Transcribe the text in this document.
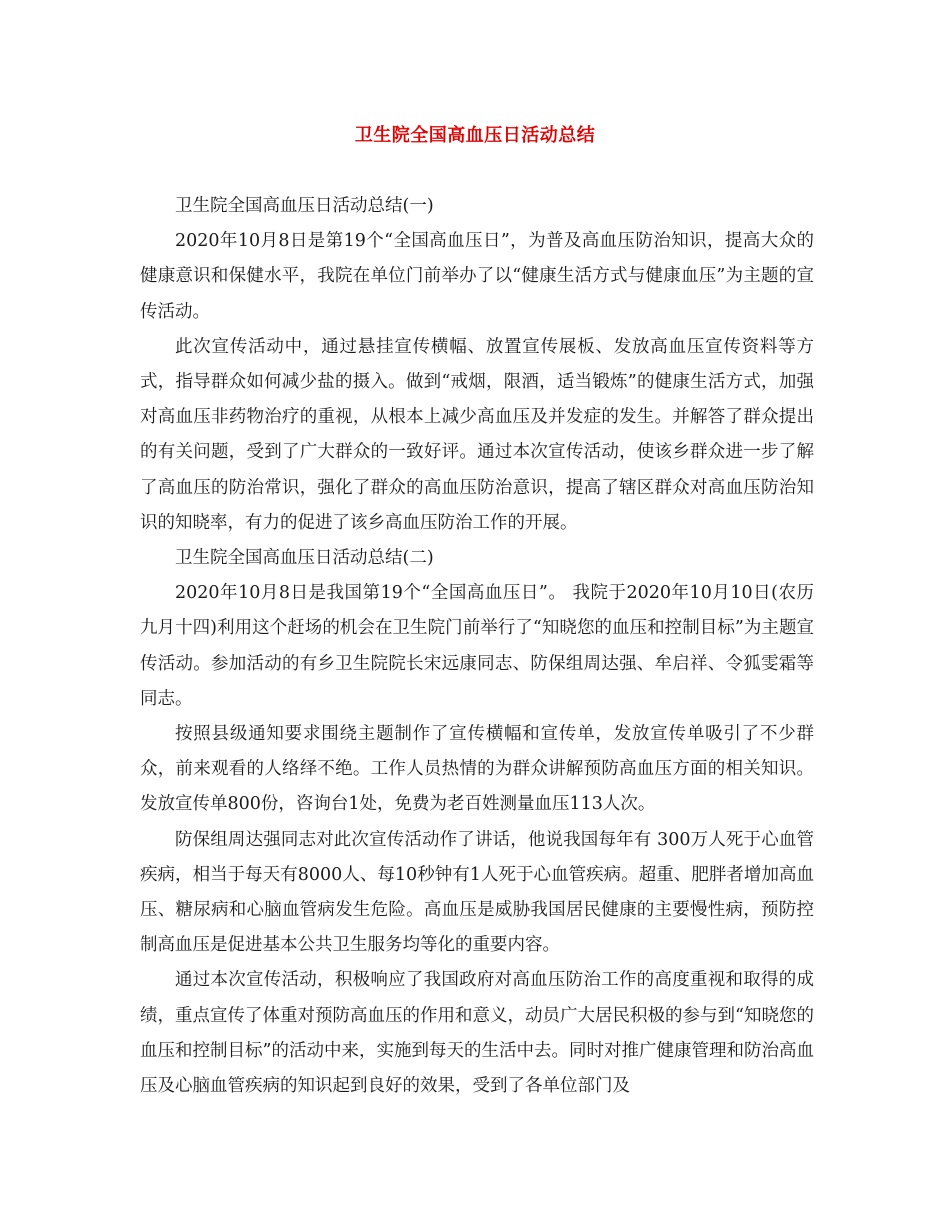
卫生院全国高血压日活动总结

卫生院全国高血压日活动总结(一)

2020年10月8日是第19个“全国高血压日”，为普及高血压防治知识，提高大众的健康意识和保健水平，我院在单位门前举办了以“健康生活方式与健康血压”为主题的宣传活动。

此次宣传活动中，通过悬挂宣传横幅、放置宣传展板、发放高血压宣传资料等方式，指导群众如何减少盐的摄入。做到“戒烟，限酒，适当锻炼”的健康生活方式，加强对高血压非药物治疗的重视，从根本上减少高血压及并发症的发生。并解答了群众提出的有关问题，受到了广大群众的一致好评。通过本次宣传活动，使该乡群众进一步了解了高血压的防治常识，强化了群众的高血压防治意识，提高了辖区群众对高血压防治知识的知晓率，有力的促进了该乡高血压防治工作的开展。

卫生院全国高血压日活动总结(二)

2020年10月8日是我国第19个“全国高血压日”。 我院于2020年10月10日(农历九月十四)利用这个赶场的机会在卫生院门前举行了“知晓您的血压和控制目标”为主题宣传活动。参加活动的有乡卫生院院长宋远康同志、防保组周达强、牟启祥、令狐雯霜等同志。

按照县级通知要求围绕主题制作了宣传横幅和宣传单，发放宣传单吸引了不少群众，前来观看的人络绎不绝。工作人员热情的为群众讲解预防高血压方面的相关知识。发放宣传单800份，咨询台1处，免费为老百姓测量血压113人次。

防保组周达强同志对此次宣传活动作了讲话，他说我国每年有 300万人死于心血管疾病，相当于每天有8000人、每10秒钟有1人死于心血管疾病。超重、肥胖者增加高血压、糖尿病和心脑血管病发生危险。高血压是威胁我国居民健康的主要慢性病，预防控制高血压是促进基本公共卫生服务均等化的重要内容。

通过本次宣传活动，积极响应了我国政府对高血压防治工作的高度重视和取得的成绩，重点宣传了体重对预防高血压的作用和意义，动员广大居民积极的参与到“知晓您的血压和控制目标”的活动中来，实施到每天的生活中去。同时对推广健康管理和防治高血压及心脑血管疾病的知识起到良好的效果，受到了各单位部门及
